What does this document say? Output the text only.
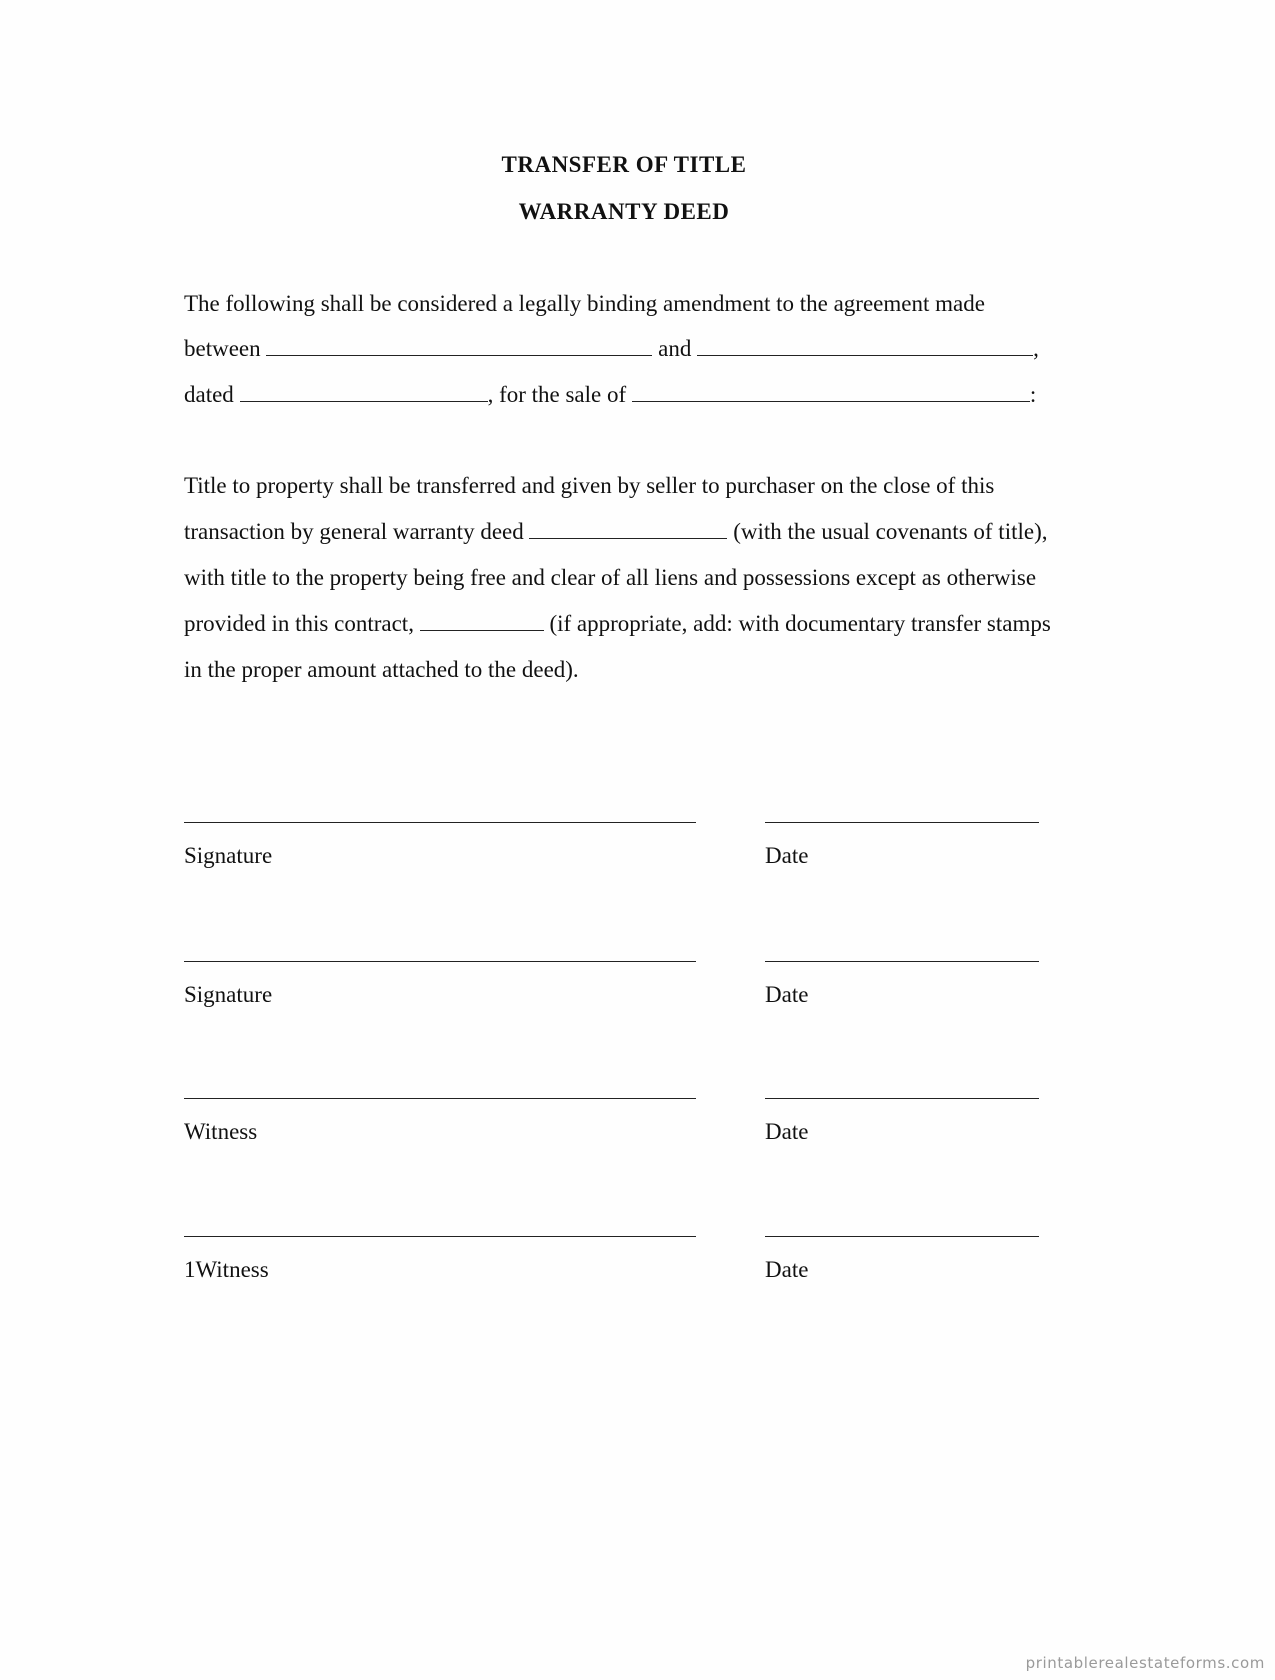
TRANSFER OF TITLE
WARRANTY DEED
The following shall be considered a legally binding amendment to the agreement made
between	and	,
dated	, for the sale of	:
Title to property shall be transferred and given by seller to purchaser on the close of this
transaction by general warranty deed	(with the usual covenants of title),
with title to the property being free and clear of all liens and possessions except as otherwise
provided in this contract,	(if appropriate, add: with documentary transfer stamps
in the proper amount attached to the deed).
Signature	Date
Signature	Date
Witness	Date
1Witness	Date
printablerealestateforms.com
